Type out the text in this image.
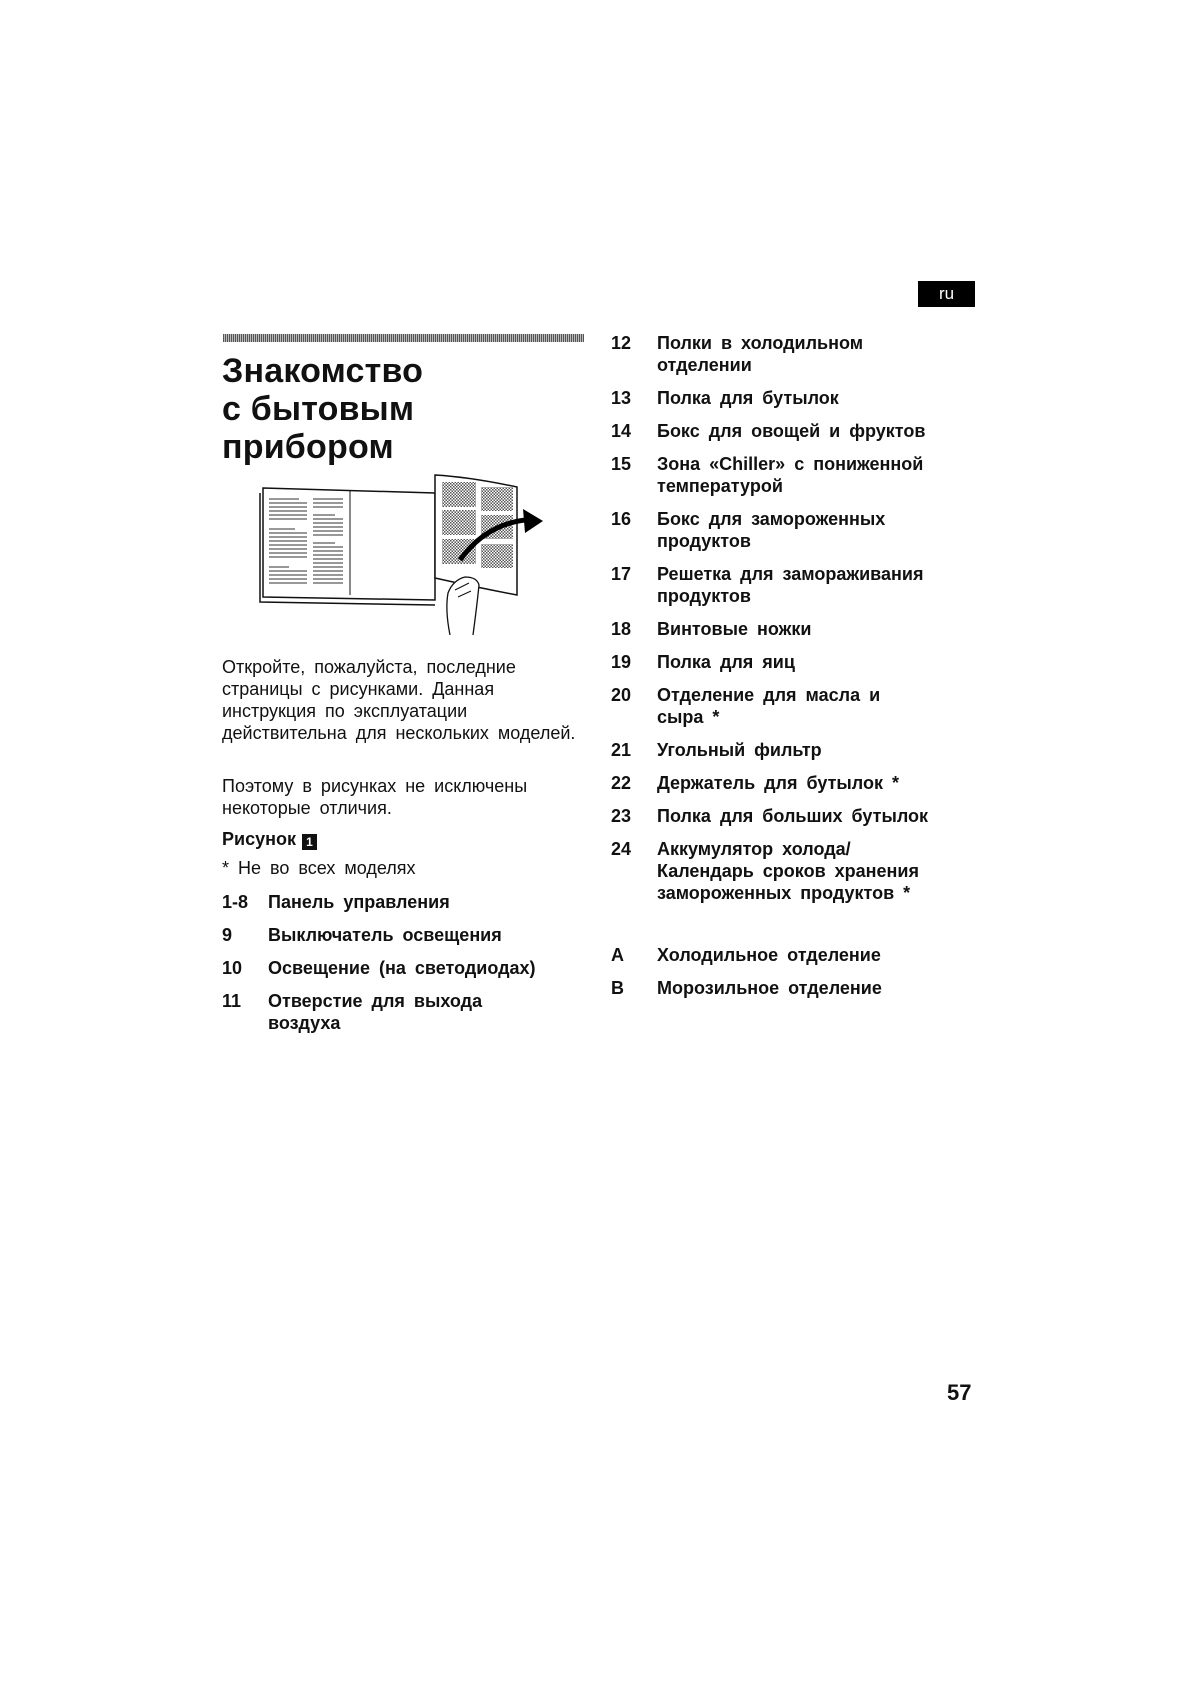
ru
Знакомство
с бытовым
прибором

Откройте, пожалуйста, последние страницы с рисунками. Данная инструкция по эксплуатации действительна для нескольких моделей.

Поэтому в рисунках не исключены некоторые отличия.

Рисунок 1
* Не во всех моделях
1-8 Панель управления
9 Выключатель освещения
10 Освещение (на светодиодах)
11 Отверстие для выхода воздуха
12 Полки в холодильном отделении
13 Полка для бутылок
14 Бокс для овощей и фруктов
15 Зона «Chiller» с пониженной температурой
16 Бокс для замороженных продуктов
17 Решетка для замораживания продуктов
18 Винтовые ножки
19 Полка для яиц
20 Отделение для масла и сыра *
21 Угольный фильтр
22 Держатель для бутылок *
23 Полка для больших бутылок
24 Аккумулятор холода/ Календарь сроков хранения замороженных продуктов *
A Холодильное отделение
B Морозильное отделение
57
